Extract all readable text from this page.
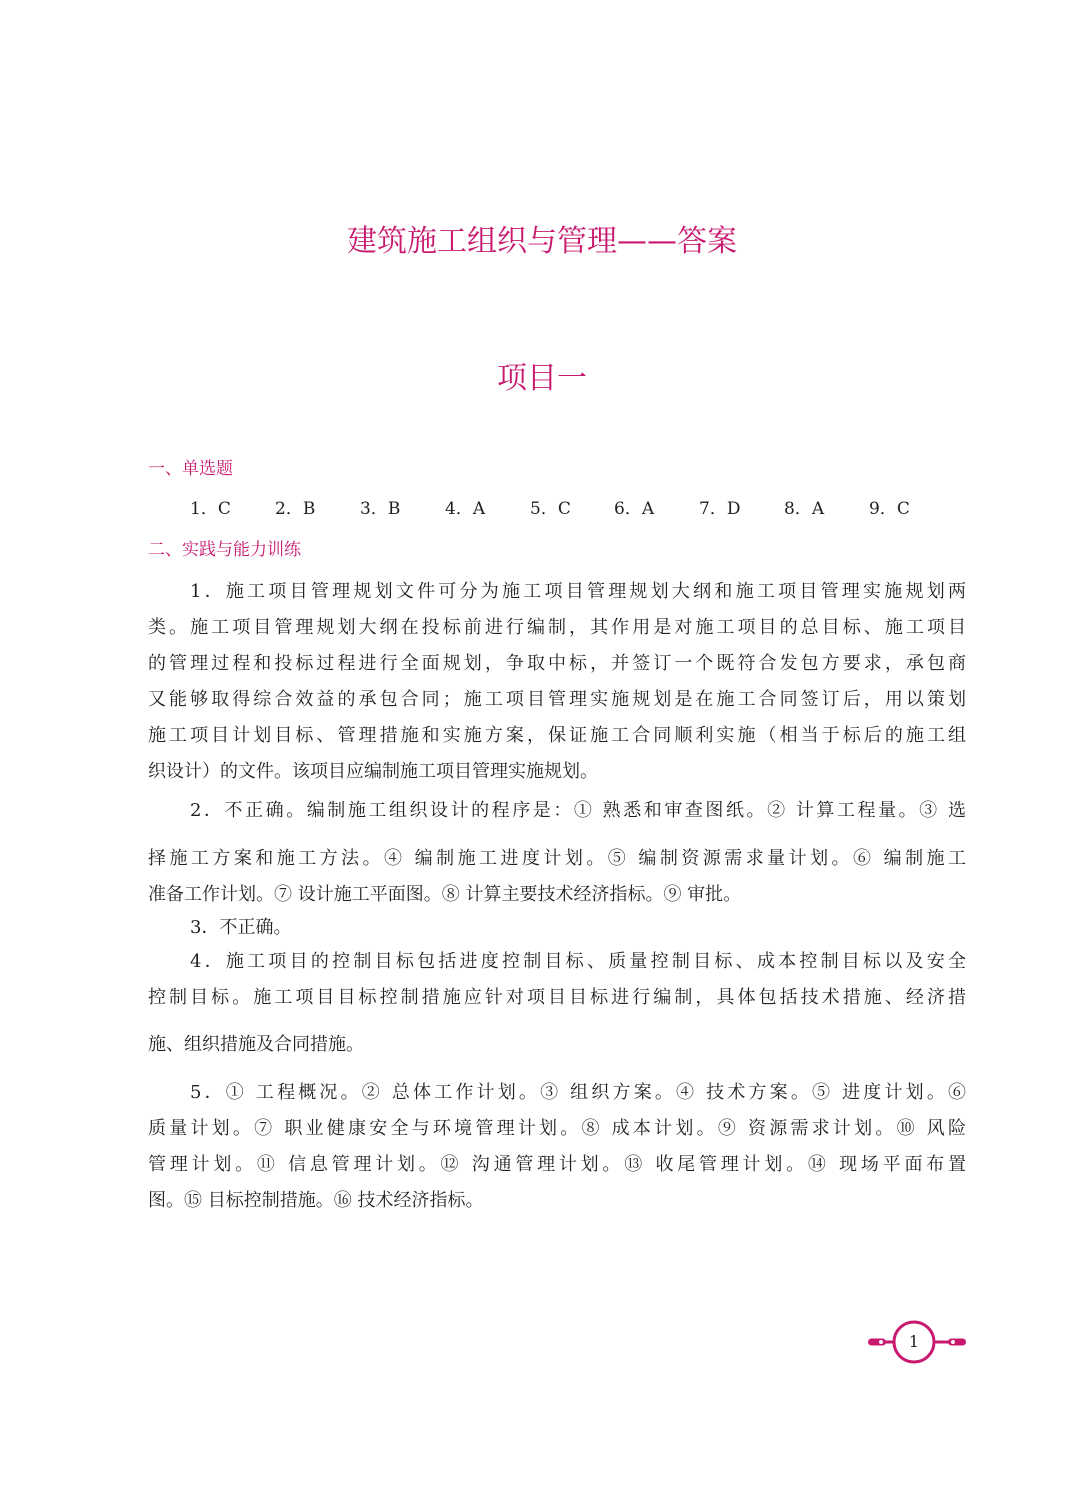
建筑施工组织与管理——答案
项目一
一、单选题
1．C	2．B	3．B	4．A	5．C	6．A	7．D	8．A	9．C
二、实践与能力训练
1．施工项目管理规划文件可分为施工项目管理规划大纲和施工项目管理实施规划两
类。施工项目管理规划大纲在投标前进行编制，其作用是对施工项目的总目标、施工项目
的管理过程和投标过程进行全面规划，争取中标，并签订一个既符合发包方要求，承包商
又能够取得综合效益的承包合同；施工项目管理实施规划是在施工合同签订后，用以策划
施工项目计划目标、管理措施和实施方案，保证施工合同顺利实施（相当于标后的施工组
织设计）的文件。该项目应编制施工项目管理实施规划。
2．不正确。编制施工组织设计的程序是：① 熟悉和审查图纸。② 计算工程量。③ 选
择施工方案和施工方法。④ 编制施工进度计划。⑤ 编制资源需求量计划。⑥ 编制施工
准备工作计划。⑦ 设计施工平面图。⑧ 计算主要技术经济指标。⑨ 审批。
3．不正确。
4．施工项目的控制目标包括进度控制目标、质量控制目标、成本控制目标以及安全
控制目标。施工项目目标控制措施应针对项目目标进行编制，具体包括技术措施、经济措
施、组织措施及合同措施。
5．① 工程概况。② 总体工作计划。③ 组织方案。④ 技术方案。⑤ 进度计划。⑥
质量计划。⑦ 职业健康安全与环境管理计划。⑧ 成本计划。⑨ 资源需求计划。⑩ 风险
管理计划。⑪ 信息管理计划。⑫ 沟通管理计划。⑬ 收尾管理计划。⑭ 现场平面布置
图。⑮ 目标控制措施。⑯ 技术经济指标。
1
